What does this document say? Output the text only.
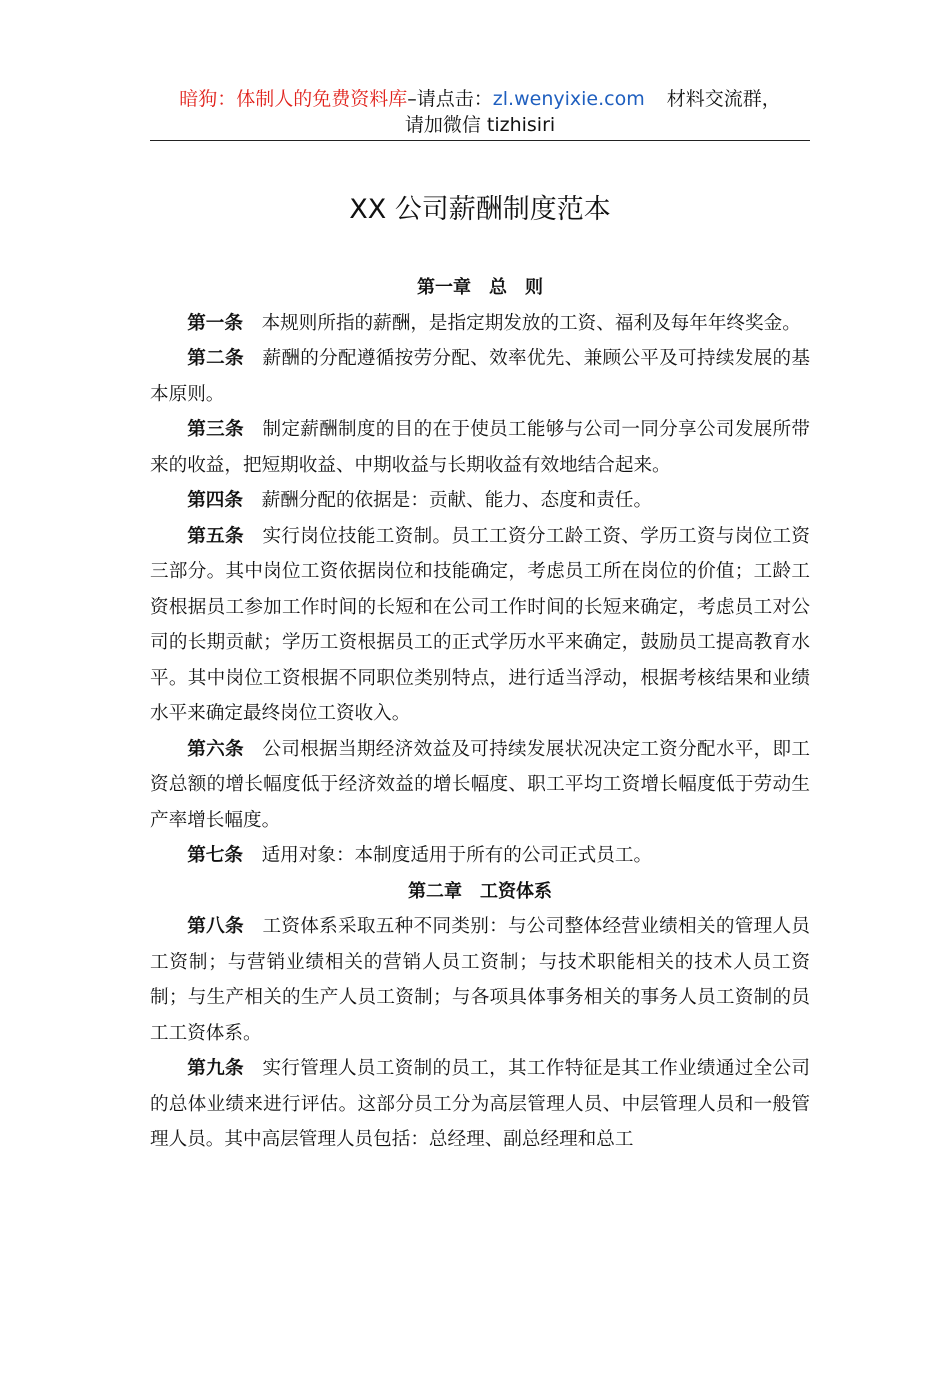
暗狗：体制人的免费资料库–请点击：zl.wenyixie.com 材料交流群，
请加微信 tizhisiri
XX 公司薪酬制度范本
第一章　总　则

第一条 本规则所指的薪酬，是指定期发放的工资、福利及每年年终奖金。

第二条 薪酬的分配遵循按劳分配、效率优先、兼顾公平及可持续发展的基本原则。

第三条 制定薪酬制度的目的在于使员工能够与公司一同分享公司发展所带来的收益，把短期收益、中期收益与长期收益有效地结合起来。

第四条 薪酬分配的依据是：贡献、能力、态度和责任。

第五条 实行岗位技能工资制。员工工资分工龄工资、学历工资与岗位工资三部分。其中岗位工资依据岗位和技能确定，考虑员工所在岗位的价值；工龄工资根据员工参加工作时间的长短和在公司工作时间的长短来确定，考虑员工对公司的长期贡献；学历工资根据员工的正式学历水平来确定，鼓励员工提高教育水平。其中岗位工资根据不同职位类别特点，进行适当浮动，根据考核结果和业绩水平来确定最终岗位工资收入。

第六条 公司根据当期经济效益及可持续发展状况决定工资分配水平，即工资总额的增长幅度低于经济效益的增长幅度、职工平均工资增长幅度低于劳动生产率增长幅度。

第七条 适用对象：本制度适用于所有的公司正式员工。

第二章　工资体系

第八条 工资体系采取五种不同类别：与公司整体经营业绩相关的管理人员工资制；与营销业绩相关的营销人员工资制；与技术职能相关的技术人员工资制；与生产相关的生产人员工资制；与各项具体事务相关的事务人员工资制的员工工资体系。

第九条 实行管理人员工资制的员工，其工作特征是其工作业绩通过全公司的总体业绩来进行评估。这部分员工分为高层管理人员、中层管理人员和一般管理人员。其中高层管理人员包括：总经理、副总经理和总工
